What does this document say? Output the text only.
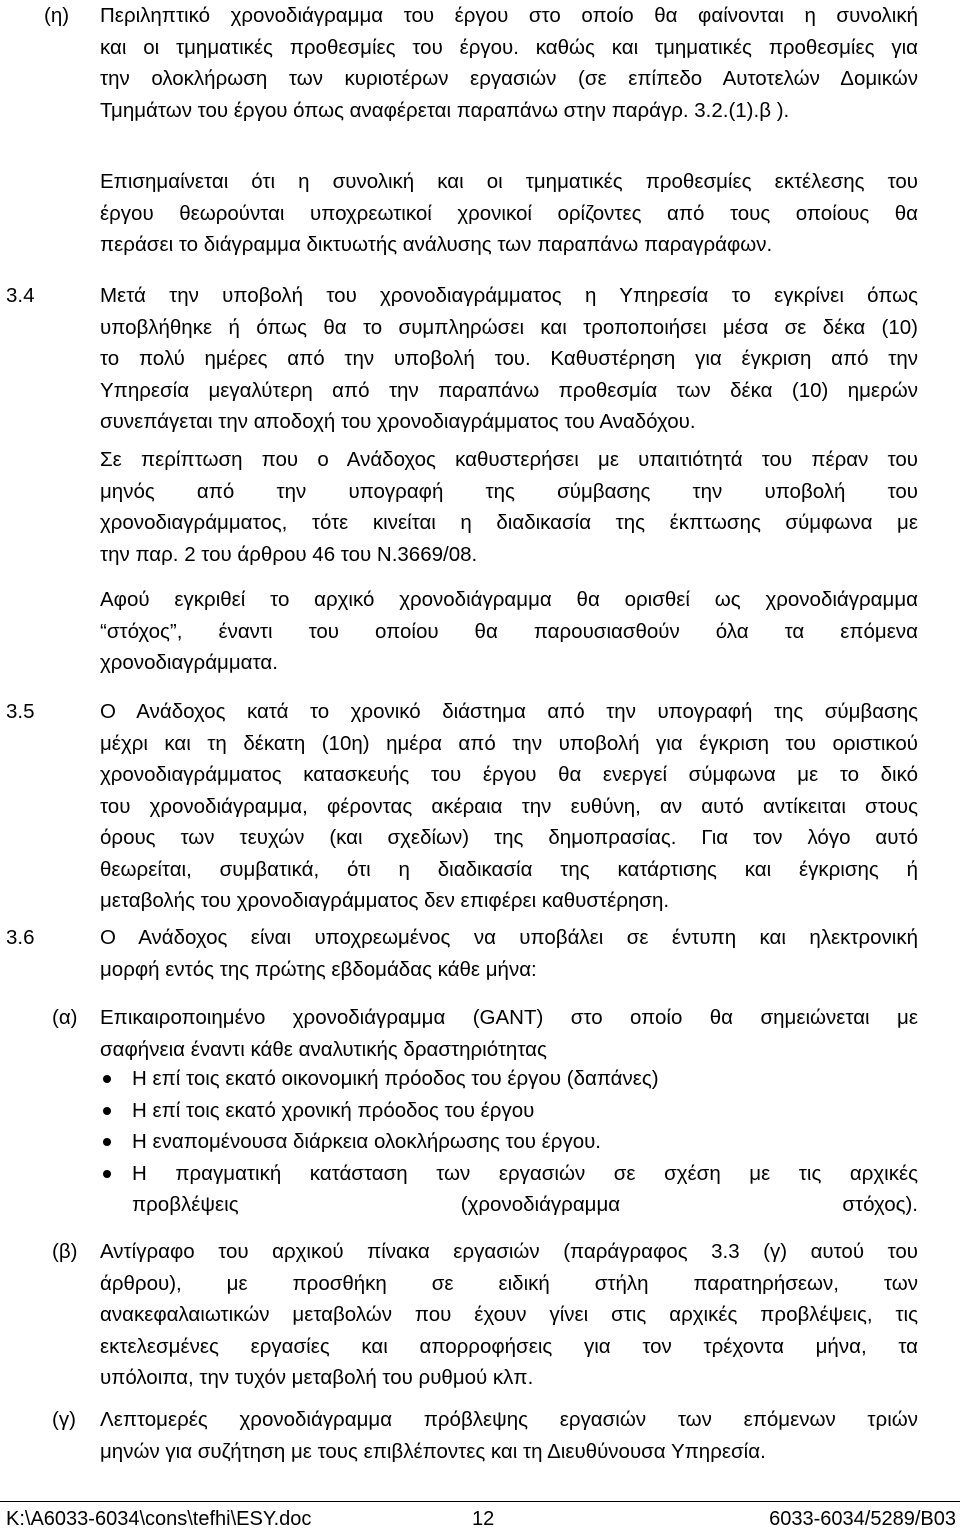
(η) Περιληπτικό χρονοδιάγραμμα του έργου στο οποίο θα φαίνονται η συνολική
και οι τμηματικές προθεσμίες του έργου. καθώς και τμηματικές προθεσμίες για
την ολοκλήρωση των κυριοτέρων εργασιών (σε επίπεδο Αυτοτελών Δομικών
Τμημάτων του έργου όπως αναφέρεται παραπάνω στην παράγρ. 3.2.(1).β ).
Επισημαίνεται ότι η συνολική και οι τμηματικές προθεσμίες εκτέλεσης του
έργου θεωρούνται υποχρεωτικοί χρονικοί ορίζοντες από τους οποίους θα
περάσει το διάγραμμα δικτυωτής ανάλυσης των παραπάνω παραγράφων.
3.4	Μετά την υποβολή του χρονοδιαγράμματος η Υπηρεσία το εγκρίνει όπως
υποβλήθηκε ή όπως θα το συμπληρώσει και τροποποιήσει μέσα σε δέκα (10)
το πολύ ημέρες από την υποβολή του. Καθυστέρηση για έγκριση από την
Υπηρεσία μεγαλύτερη από την παραπάνω προθεσμία των δέκα (10) ημερών
συνεπάγεται την αποδοχή του χρονοδιαγράμματος του Αναδόχου.
Σε περίπτωση που ο Ανάδοχος καθυστερήσει με υπαιτιότητά του πέραν του
μηνός από την υπογραφή της σύμβασης την υποβολή του
χρονοδιαγράμματος, τότε κινείται η διαδικασία της έκπτωσης σύμφωνα με
την παρ. 2 του άρθρου 46 του Ν.3669/08.
Αφού εγκριθεί το αρχικό χρονοδιάγραμμα θα ορισθεί ως χρονοδιάγραμμα
“στόχος”, έναντι του οποίου θα παρουσιασθούν όλα τα επόμενα
χρονοδιαγράμματα.
3.5	Ο Ανάδοχος κατά το χρονικό διάστημα από την υπογραφή της σύμβασης
μέχρι και τη δέκατη (10η) ημέρα από την υποβολή για έγκριση του οριστικού
χρονοδιαγράμματος κατασκευής του έργου θα ενεργεί σύμφωνα με το δικό
του χρονοδιάγραμμα, φέροντας ακέραια την ευθύνη, αν αυτό αντίκειται στους
όρους των τευχών (και σχεδίων) της δημοπρασίας. Για τον λόγο αυτό
θεωρείται, συμβατικά, ότι η διαδικασία της κατάρτισης και έγκρισης ή
μεταβολής του χρονοδιαγράμματος δεν επιφέρει καθυστέρηση.
3.6	Ο Ανάδοχος είναι υποχρεωμένος να υποβάλει σε έντυπη και ηλεκτρονική
μορφή εντός της πρώτης εβδομάδας κάθε μήνα:
(α) Επικαιροποιημένο χρονοδιάγραμμα (GANT) στο οποίο θα σημειώνεται με
σαφήνεια έναντι κάθε αναλυτικής δραστηριότητας
Η επί τοις εκατό οικονομική πρόοδος του έργου (δαπάνες)
Η επί τοις εκατό χρονική πρόοδος του έργου
Η εναπομένουσα διάρκεια ολοκλήρωσης του έργου.
Η πραγματική κατάσταση των εργασιών σε σχέση με τις αρχικές
προβλέψεις (χρονοδιάγραμμα στόχος).
(β) Αντίγραφο του αρχικού πίνακα εργασιών (παράγραφος 3.3 (γ) αυτού του
άρθρου), με προσθήκη σε ειδική στήλη παρατηρήσεων, των
ανακεφαλαιωτικών μεταβολών που έχουν γίνει στις αρχικές προβλέψεις, τις
εκτελεσμένες εργασίες και απορροφήσεις για τον τρέχοντα μήνα, τα
υπόλοιπα, την τυχόν μεταβολή του ρυθμού κλπ.
(γ) Λεπτομερές χρονοδιάγραμμα πρόβλεψης εργασιών των επόμενων τριών
μηνών για συζήτηση με τους επιβλέποντες και τη Διευθύνουσα Υπηρεσία.
K:\A6033-6034\cons\tefhi\ESY.doc	12	6033-6034/5289/B03
